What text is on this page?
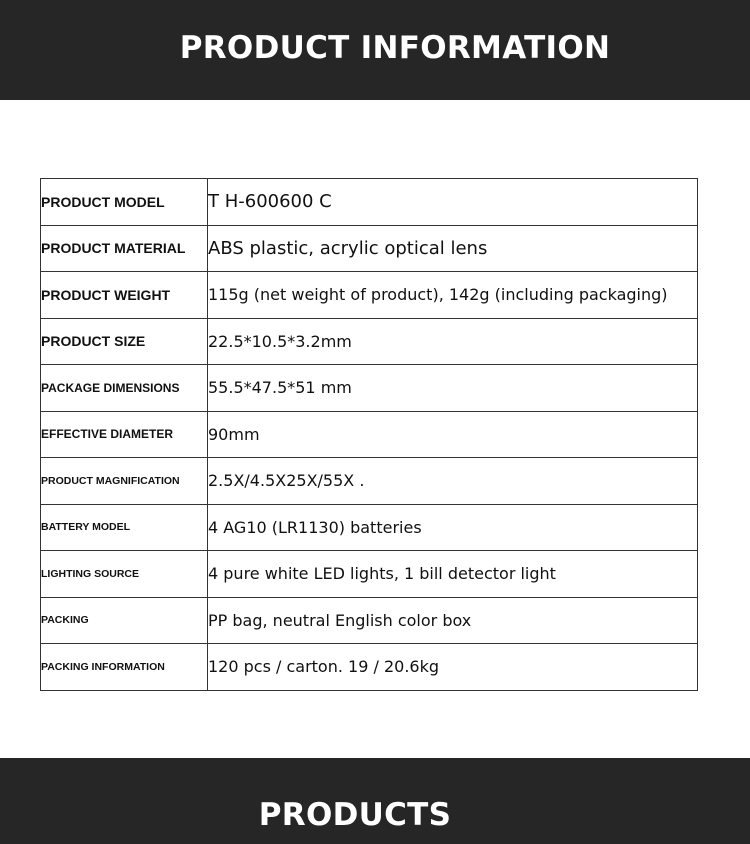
PRODUCT INFORMATION
PRODUCT MODEL	T H-600600 C
PRODUCT MATERIAL	ABS plastic, acrylic optical lens
PRODUCT WEIGHT	115g (net weight of product), 142g (including packaging)
PRODUCT SIZE	22.5*10.5*3.2mm
PACKAGE DIMENSIONS	55.5*47.5*51 mm
EFFECTIVE DIAMETER	90mm
PRODUCT MAGNIFICATION	2.5X/4.5X25X/55X .
BATTERY MODEL	4 AG10 (LR1130) batteries
LIGHTING SOURCE	4 pure white LED lights, 1 bill detector light
PACKING	PP bag, neutral English color box
PACKING INFORMATION	120 pcs / carton. 19 / 20.6kg
PRODUCTS
